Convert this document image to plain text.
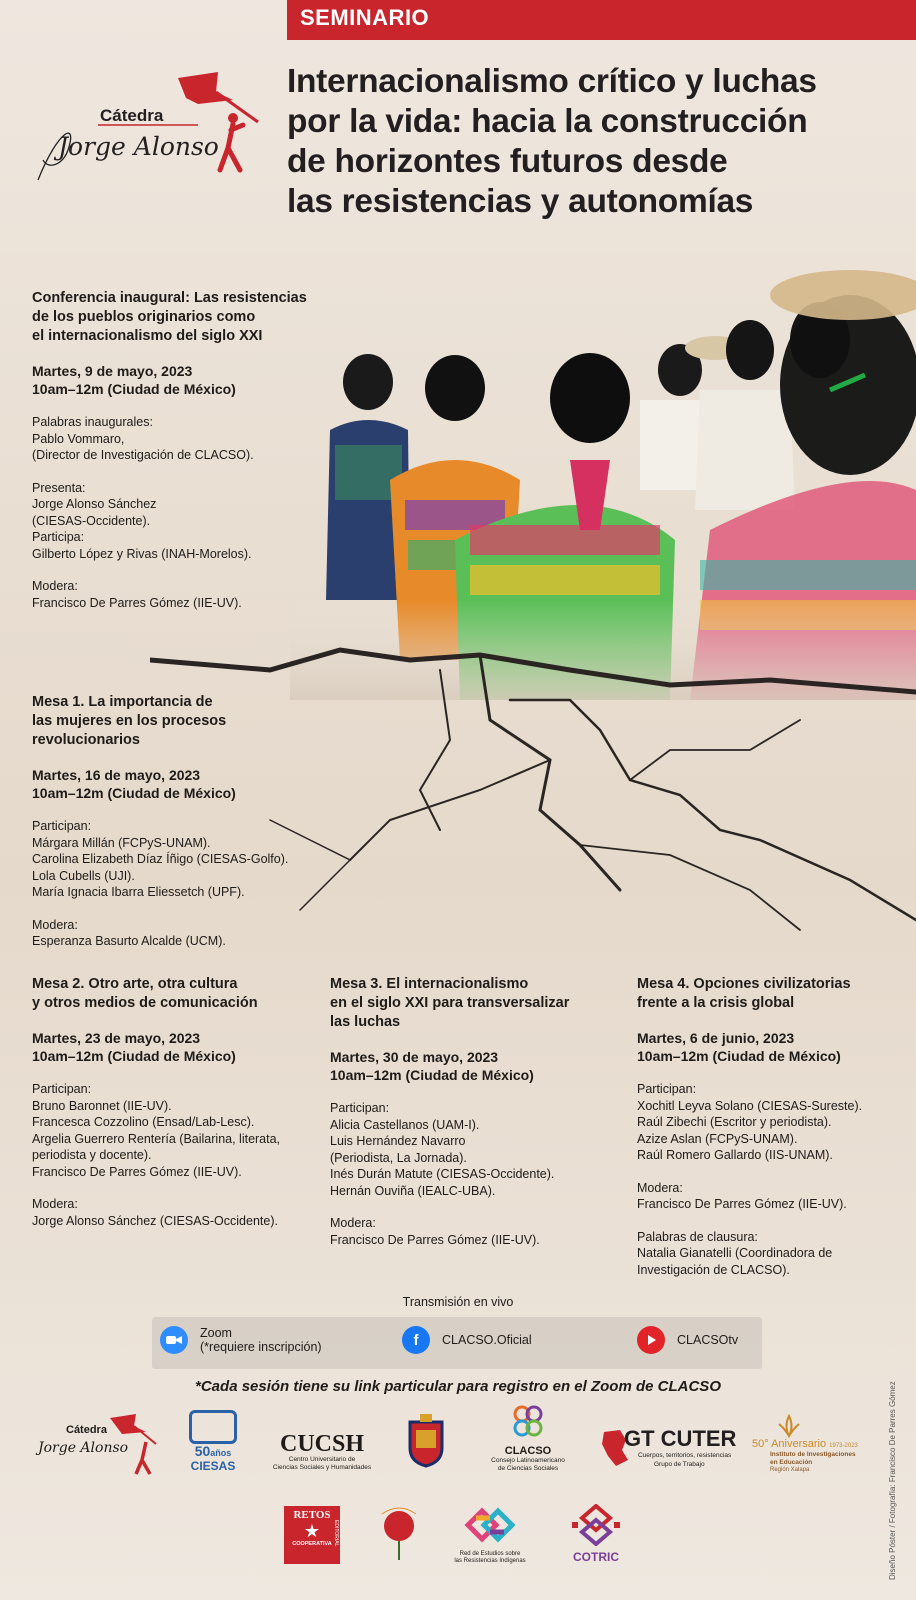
SEMINARIO
Cátedra
Jorge Alonso
Internacionalismo crítico y luchas
por la vida: hacia la construcción
de horizontes futuros desde
las resistencias y autonomías
Conferencia inaugural: Las resistencias
de los pueblos originarios como
el internacionalismo del siglo XXI
Martes, 9 de mayo, 2023
10am–12m (Ciudad de México)
Palabras inaugurales:
Pablo Vommaro,
(Director de Investigación de CLACSO).
Presenta:
Jorge Alonso Sánchez
(CIESAS-Occidente).
Participa:
Gilberto López y Rivas (INAH-Morelos).
Modera:
Francisco De Parres Gómez (IIE-UV).
Mesa 1. La importancia de
las mujeres en los procesos
revolucionarios
Martes, 16 de mayo, 2023
10am–12m (Ciudad de México)
Participan:
Márgara Millán (FCPyS-UNAM).
Carolina Elizabeth Díaz Íñigo (CIESAS-Golfo).
Lola Cubells (UJI).
María Ignacia Ibarra Eliessetch (UPF).
Modera:
Esperanza Basurto Alcalde (UCM).
Mesa 2. Otro arte, otra cultura
y otros medios de comunicación
Martes, 23 de mayo, 2023
10am–12m (Ciudad de México)
Participan:
Bruno Baronnet (IIE-UV).
Francesca Cozzolino (Ensad/Lab-Lesc).
Argelia Guerrero Rentería (Bailarina, literata,
periodista y docente).
Francisco De Parres Gómez (IIE-UV).
Modera:
Jorge Alonso Sánchez (CIESAS-Occidente).
Mesa 3. El internacionalismo
en el siglo XXI para transversalizar
las luchas
Martes, 30 de mayo, 2023
10am–12m (Ciudad de México)
Participan:
Alicia Castellanos (UAM-I).
Luis Hernández Navarro
(Periodista, La Jornada).
Inés Durán Matute (CIESAS-Occidente).
Hernán Ouviña (IEALC-UBA).
Modera:
Francisco De Parres Gómez (IIE-UV).
Mesa 4. Opciones civilizatorias
frente a la crisis global
Martes, 6 de junio, 2023
10am–12m (Ciudad de México)
Participan:
Xochitl Leyva Solano (CIESAS-Sureste).
Raúl Zibechi (Escritor y periodista).
Azize Aslan (FCPyS-UNAM).
Raúl Romero Gallardo (IIS-UNAM).
Modera:
Francisco De Parres Gómez (IIE-UV).
Palabras de clausura:
Natalia Gianatelli (Coordinadora de
Investigación de CLACSO).
Transmisión en vivo
Zoom
(*requiere inscripción)	f	CLACSO.Oficial	CLACSOtv
*Cada sesión tiene su link particular para registro en el Zoom de CLACSO
Cátedra
Jorge Alonso	50años
CIESAS
CUCSH
Centro Universitario de
Ciencias Sociales y Humanidades
CLACSO
Consejo Latinoamericano
de Ciencias Sociales
GT CUTER
Cuerpos, territorios, resistencias
Grupo de Trabajo
50° Aniversario 1973-2023
Instituto de Investigaciones
en Educación
Región Xalapa
RETOS
★
COOPERATIVA EDITORIAL
Red de Estudios sobre
las Resistencias Indígenas	COTRIC	Diseño Póster / Fotografía: Francisco De Parres Gómez
